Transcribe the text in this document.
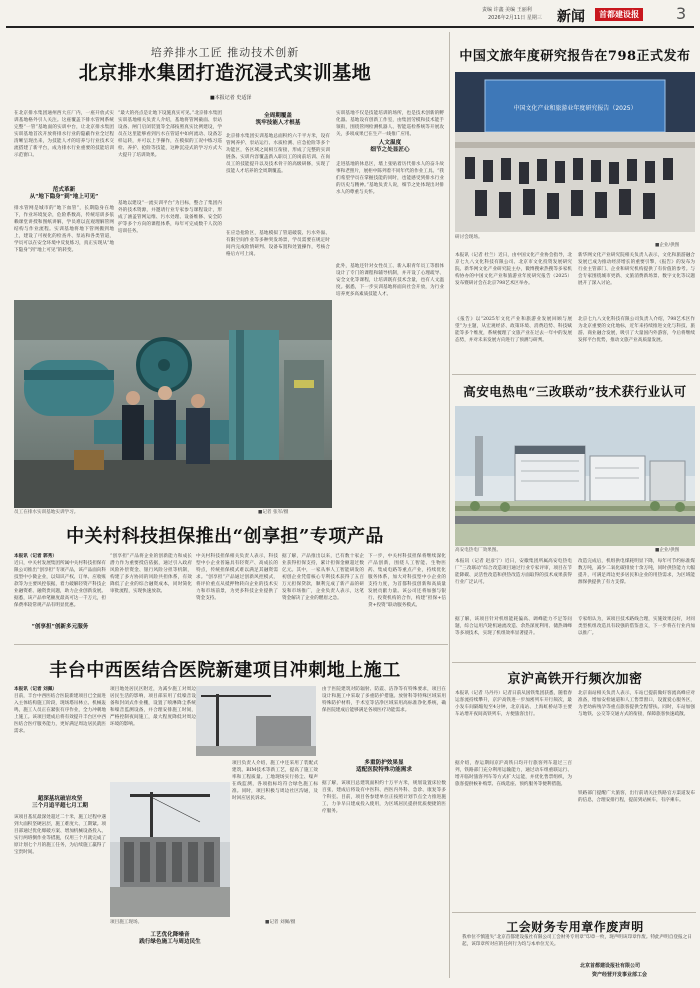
责编 许鑫 美编 王丽利
2026年2月11日 星期三 新闻	首都建设报 3
培养排水工匠 推动技术创新
北京排水集团打造沉浸式实训基地
■本报记者 史适泽
在北京排水集团通州西大庄厂内，一座开放式实训基地格外引人关注。这座覆盖下排水管网系统完整“一管”基地面的实训中台，让北京排水集团实训基地首次开放将排水行业的隐蔽作业全过程清晰呈现出来，为技能人才的培养与行业技术交流搭建了新平台，成为排水行业重要的技能培训示范窗口。
范式革新
从“地下隐身”到“地上可见”
排水管网是城市的“地下血管”，长期隐身在地下，作业环境复杂，危险系数高，传统培训多依赖课堂讲授和图纸讲解，学员难以直观理解管网结构与作业流程。实训基地将地下管网搬到地上，建设了可视化的检查井、泵站和各类管道，学员可以在安全环境中反复练习，真正实现从“地下隐身”到“地上可见”的转变。
“最大的亮点是让地下设施真实可见。”北京排水集团实训基地相关负责人介绍，基地将管网截面、泵站设备、闸门启闭装置等全部按照真实比例建设，学员在这里能够看到污水在管道中如何流动、设备怎样运转，并可以上手操作，在模拟的工况中练习巡检、养护、抢险等技能，这种沉浸式的学习方式大大提升了培训效果。
基地以建设“一流实训平台”为目标，整合了集团内外的技术资源，并邀请行业专家参与课程设计，形成了涵盖管网运维、污水处理、设备维修、安全防护等多个方向的课程体系，每年可完成数千人次的培训任务。
全周期覆盖
筑牢技能人才根基
北京排水集团实训基地总面积约六千平方米，设有管网养护、泵站运行、水质检测、应急抢险等多个功能区，各区域之间相互衔接，形成了完整的实训链条。实训内容覆盖新入职员工的岗前培训、在岗员工的技能提升以及技术骨干的高级研修，实现了技能人才培养的全周期覆盖。
在应急抢险区，基地模拟了管道破裂、污水外溢、有限空间作业等多种突发场景，学员需要在规定时间内完成险情研判、设备布置和处置操作，考核合格后方可上岗。
实训基地不仅是技能培训的场所，也是技术创新的孵化器。基地设有创新工作室，由集团劳模和技术能手领衔，围绕管网检测机器人、智能巡检系统等开展攻关，多项成果已在生产一线推广应用。
人文温度
细节之处显匠心
走进基地的休息区，墙上张贴着历代排水人的奋斗故事和老照片，展柜中陈列着不同年代的作业工具。“我们希望学员在掌握技能的同时，也能感受到排水行业的历史与精神。”基地负责人说，细节之处体现出对排水人的尊重与关怀。
此外，基地还针对女性员工、新入职青年员工等群体设计了专门的课程和辅导机制，并开设了心理疏导、安全文化等课程，让培训既有技术含量，也有人文温度。据悉，下一步实训基地将面向社会开放，为行业培养更多高素质技能人才。
员工在排水实训基地实训学习。	■记者 张军/摄
中国文旅年度研究报告在798正式发布
中国文化产业和旅游业年度研究报告（2025）
研讨会现场。
■企业/供图
本报讯（记者 杜兰）近日，由中国文化产业协会指导，北京七九八文化科技有限公司、北京市文化投资发展研究院、新华网文化产业研究院主办，微博搜索热搜等多家机构协办的中国文化产业和旅游业年度研究报告（2025）发布暨研讨会在北京798艺术区举办。
《报告》以“2025年文化产业和旅游业发展回顾与展望”为主题，从宏观经济、政策环境、消费趋势、科技赋能等多个维度，系统梳理了文旅产业在过去一年中的发展态势，并对未来发展方向进行了预测与研判。
新华网文化产业研究院相关负责人表示，文化和旅游融合发展已成为推动经济增长的重要引擎，《报告》的发布为行业主管部门、企业和研究机构提供了有价值的参考。与会专家围绕城市更新、文旅消费新场景、数字文化等议题展开了深入讨论。
北京七九八文化科技有限公司负责人介绍，798艺术区作为北京重要的文化地标，近年来持续推进文化与科技、旅游、商业融合发展，吸引了大量国内外游客，今后将继续发挥平台优势，推动文旅产业高质量发展。
高安电热电“三改联动”技术获行业认可
高安电热电厂效果图。	■企业/供图
本报讯（记者 赵彦宁）近日，安徽集团所属高安电热电厂“三改联动”综合改造项目通过行业专家评审，项目在节能降碳、灵活性改造和供热改造方面取得的技术成果获得行业广泛认可。
据了解，该项目针对机组能耗偏高、调峰能力不足等问题，综合运用汽轮机通流改造、余热深度利用、储热调峰等多项技术，实现了机组效率显著提升。
改造完成后，机组供电煤耗明显下降，每年可节约标准煤数万吨，减少二氧化碳排放十余万吨，同时供热能力大幅提升，可满足周边更多居民和企业的用热需求，为区域能源保供提供了有力支撑。
专家组认为，该项目技术路线合理，实施效果良好，对同类型机组改造具有较强的借鉴意义，下一步将在行业内加以推广。
中关村科技担保推出“创享担”专项产品
本报讯（记者 郭秀）
近日，中关村发展集团所属中关村科技担保有限公司推出“创享担”专项产品，该产品面向科技型中小微企业，以知识产权、订单、应收账款等为主要风控依据，着力破解轻资产科技企业融资难、融资贵问题，助力企业创新发展。据悉，该产品单笔额度最高可达一千万元，担保费率较常规产品有明显优惠。
“创享担”创新多元服务
“创享担”产品将企业的创新能力和成长潜力作为重要授信依据，通过引入政府风险补偿资金、银行风险分担等机制，构建了多方协同的风险共担体系，有效降低了企业的综合融资成本，同时简化审批流程，实现快速放款。
中关村科技担保相关负责人表示，科技型中小企业普遍具有轻资产、高成长的特点，传统担保模式难以满足其融资需求。“创享担”产品通过创新风控模式，将评价重点从抵押物转向企业的技术实力和市场前景，为更多科技企业提供了资金支持。
据了解，产品推出以来，已有数十家企业获得担保支持，累计担保金额超过数亿元。其中，一家从事人工智能研发的初创企业凭借核心专利技术获得了五百万元担保贷款，顺利完成了新产品的研发和市场推广，企业负责人表示，这笔资金解决了企业的燃眉之急。
下一步，中关村科技担保将继续深化产品创新，围绕人工智能、生物医药、集成电路等重点产业，持续优化服务体系，加大对科技型中小企业的支持力度，为首都科技创新和高质量发展贡献力量。该公司还将加强与银行、投资机构的合作，构建“担保+信贷+投资”联动服务模式。
京沪高铁开行频次加密
本报讯（记者 马丹丹）记者日前从国铁集团获悉，随着春运客流持续攀升，京沪高铁进一步加密列车开行频次，最小发车间隔缩短至4分钟，北京南站、上海虹桥站等主要车站增开夜间高铁列车，方便旅客出行。
据介绍，春运期间京沪高铁日均开行旅客列车超过三百列，铁路部门充分利用运输能力，通过动车组重联运行、增开临时旅客列车等方式扩大运能，并优化售票组织，为旅客提供候补购票、在线选座、预约服务等便利措施。
北京南站相关负责人表示，车站已提前做好客流高峰应对准备，增加安检通道和人工售票窗口，设置爱心服务区，为老幼病残孕等重点旅客提供全程帮扶。同时，车站加强与地铁、公交等交通方式的衔接，保障旅客快速疏散。
铁路部门提醒广大旅客，出行前请关注铁路官方渠道发布的信息，合理安排行程，提前到站候车，有序乘车。
工会财务专用章作废声明
我单位不慎遗失“北京首都建设报社有限公司工会财务专用章”印章一枚，现声明该印章作废。特此声明自登报之日起，该印章所对应的任何行为均与本单位无关。
北京首都建设报社有限公司
资产经营开发事业部工会
丰台中西医结合医院新建项目冲刺地上施工
本报讯（记者 刘佩）
目前，丰台中西医结合医院新建项目已全面进入主体结构施工阶段，现场塔吊林立、机械轰鸣，施工人员正在紧张有序作业，全力冲刺地上施工。该项目建成后将有效提升丰台区中西医结合医疗服务能力，更好满足周边居民就医需求。
超深基坑破岩攻坚
三个月追平超七月工期
该项目基坑最深处超过二十米，施工过程中遇到大面积坚硬岩层，施工难度大、工期紧。项目部通过优化爆破方案、增加机械设备投入、实行两班倒作业等措施，仅用三个月就完成了原计划七个月的施工任务，为后续施工赢得了宝贵时间。
项目地处居民区附近，为减少施工对周边居民生活的影响，项目部采用了低噪音设备和封闭式作业棚，设置了喷淋降尘系统和噪音监测设备，并合理安排施工时间，严格控制夜间施工，最大程度降低对周边环境的影响。
项目施工现场。
工艺优化降噪音
践行绿色施工与周边民生
■记者 刘佩/摄
项目负责人介绍，施工中还采用了装配式建筑、BIM技术等新工艺，提高了施工效率和工程质量。工地现场实行扬尘、噪声在线监测，各项指标均符合绿色施工标准。同时，项目积极与周边社区沟通，及时回应居民诉求。
多重防护效果显
适配医院特殊功能需求
由于医院建筑对防辐射、防震、洁净等有特殊要求，项目在设计和施工中采取了多重防护措施。放射科等特殊区域采用特殊防护材料，手术室等洁净区域采用高标准净化系统，确保医院建成后能够满足各项医疗功能需求。
据了解，该项目总建筑面积约十万平方米，规划设置床位数百张，建成后将设有中医科、西医内外科、急诊、康复等多个科室。目前，项目各参建单位正按照计划节点全力推进施工，力争早日建成投入使用，为区域居民提供优质便捷的医疗服务。
